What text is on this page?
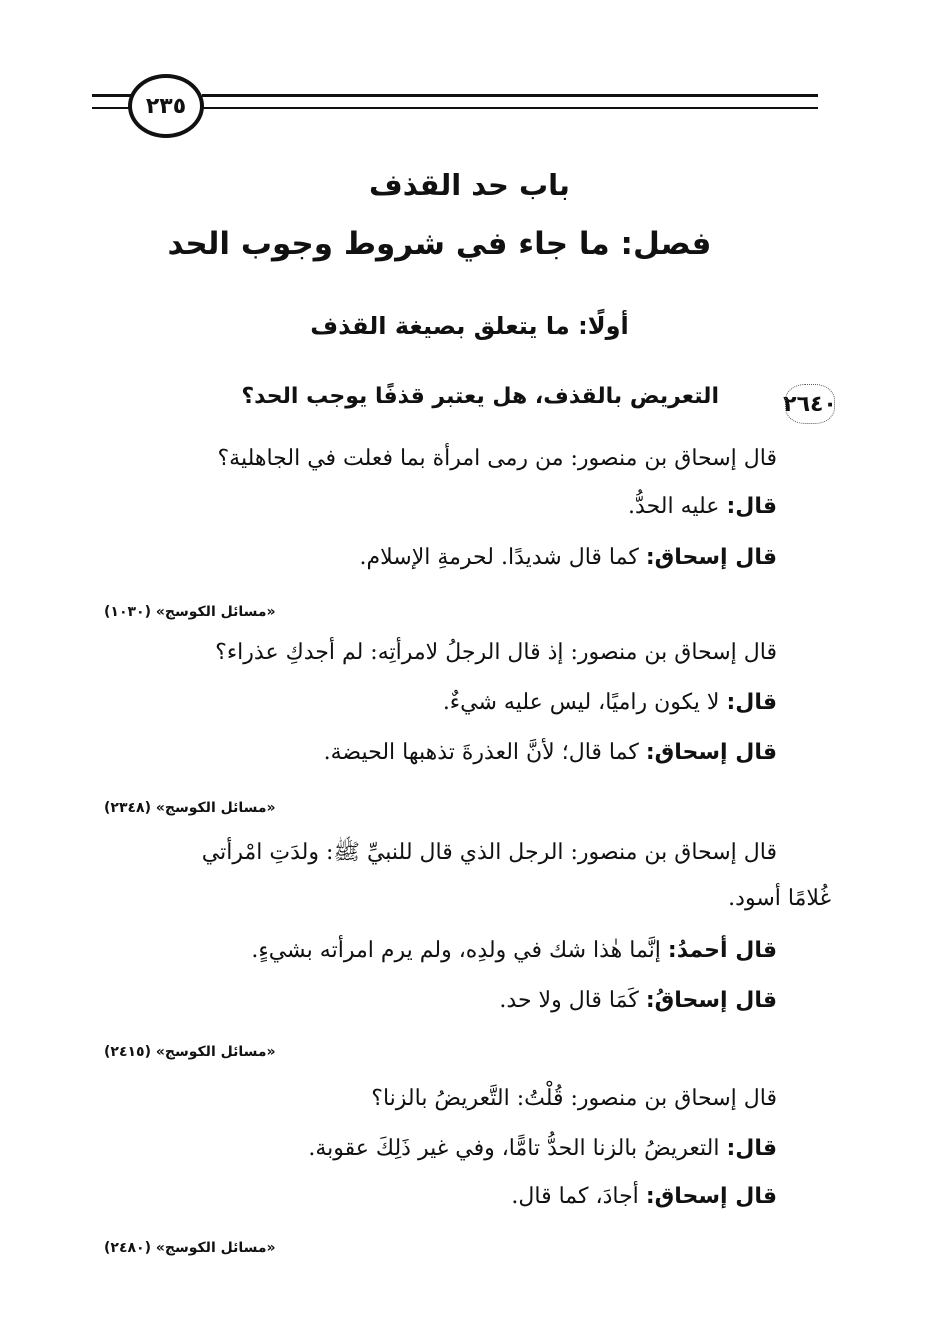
٢٣٥
باب حد القذف
فصل: ما جاء في شروط وجوب الحد
أولًا: ما يتعلق بصيغة القذف
٢٦٤٠
التعريض بالقذف، هل يعتبر قذفًا يوجب الحد؟
قال إسحاق بن منصور: من رمى امرأة بما فعلت في الجاهلية؟
قال: عليه الحدُّ.
قال إسحاق: كما قال شديدًا. لحرمةِ الإسلام.
«مسائل الكوسج» (١٠٣٠)
قال إسحاق بن منصور: إذ قال الرجلُ لامرأتِه: لم أجدكِ عذراء؟
قال: لا يكون راميًا، ليس عليه شيءٌ.
قال إسحاق: كما قال؛ لأنَّ العذرةَ تذهبها الحيضة.
«مسائل الكوسج» (٢٣٤٨)
قال إسحاق بن منصور: الرجل الذي قال للنبيِّ ﷺ: ولدَتِ امْرأتي
غُلامًا أسود.
قال أحمدُ: إنَّما هٰذا شك في ولدِه، ولم يرم امرأته بشيءٍ.
قال إسحاقُ: كَمَا قال ولا حد.
«مسائل الكوسج» (٢٤١٥)
قال إسحاق بن منصور: قُلْتُ: التَّعريضُ بالزنا؟
قال: التعريضُ بالزنا الحدُّ تامًّا، وفي غير ذَلِكَ عقوبة.
قال إسحاق: أجادَ، كما قال.
«مسائل الكوسج» (٢٤٨٠)
